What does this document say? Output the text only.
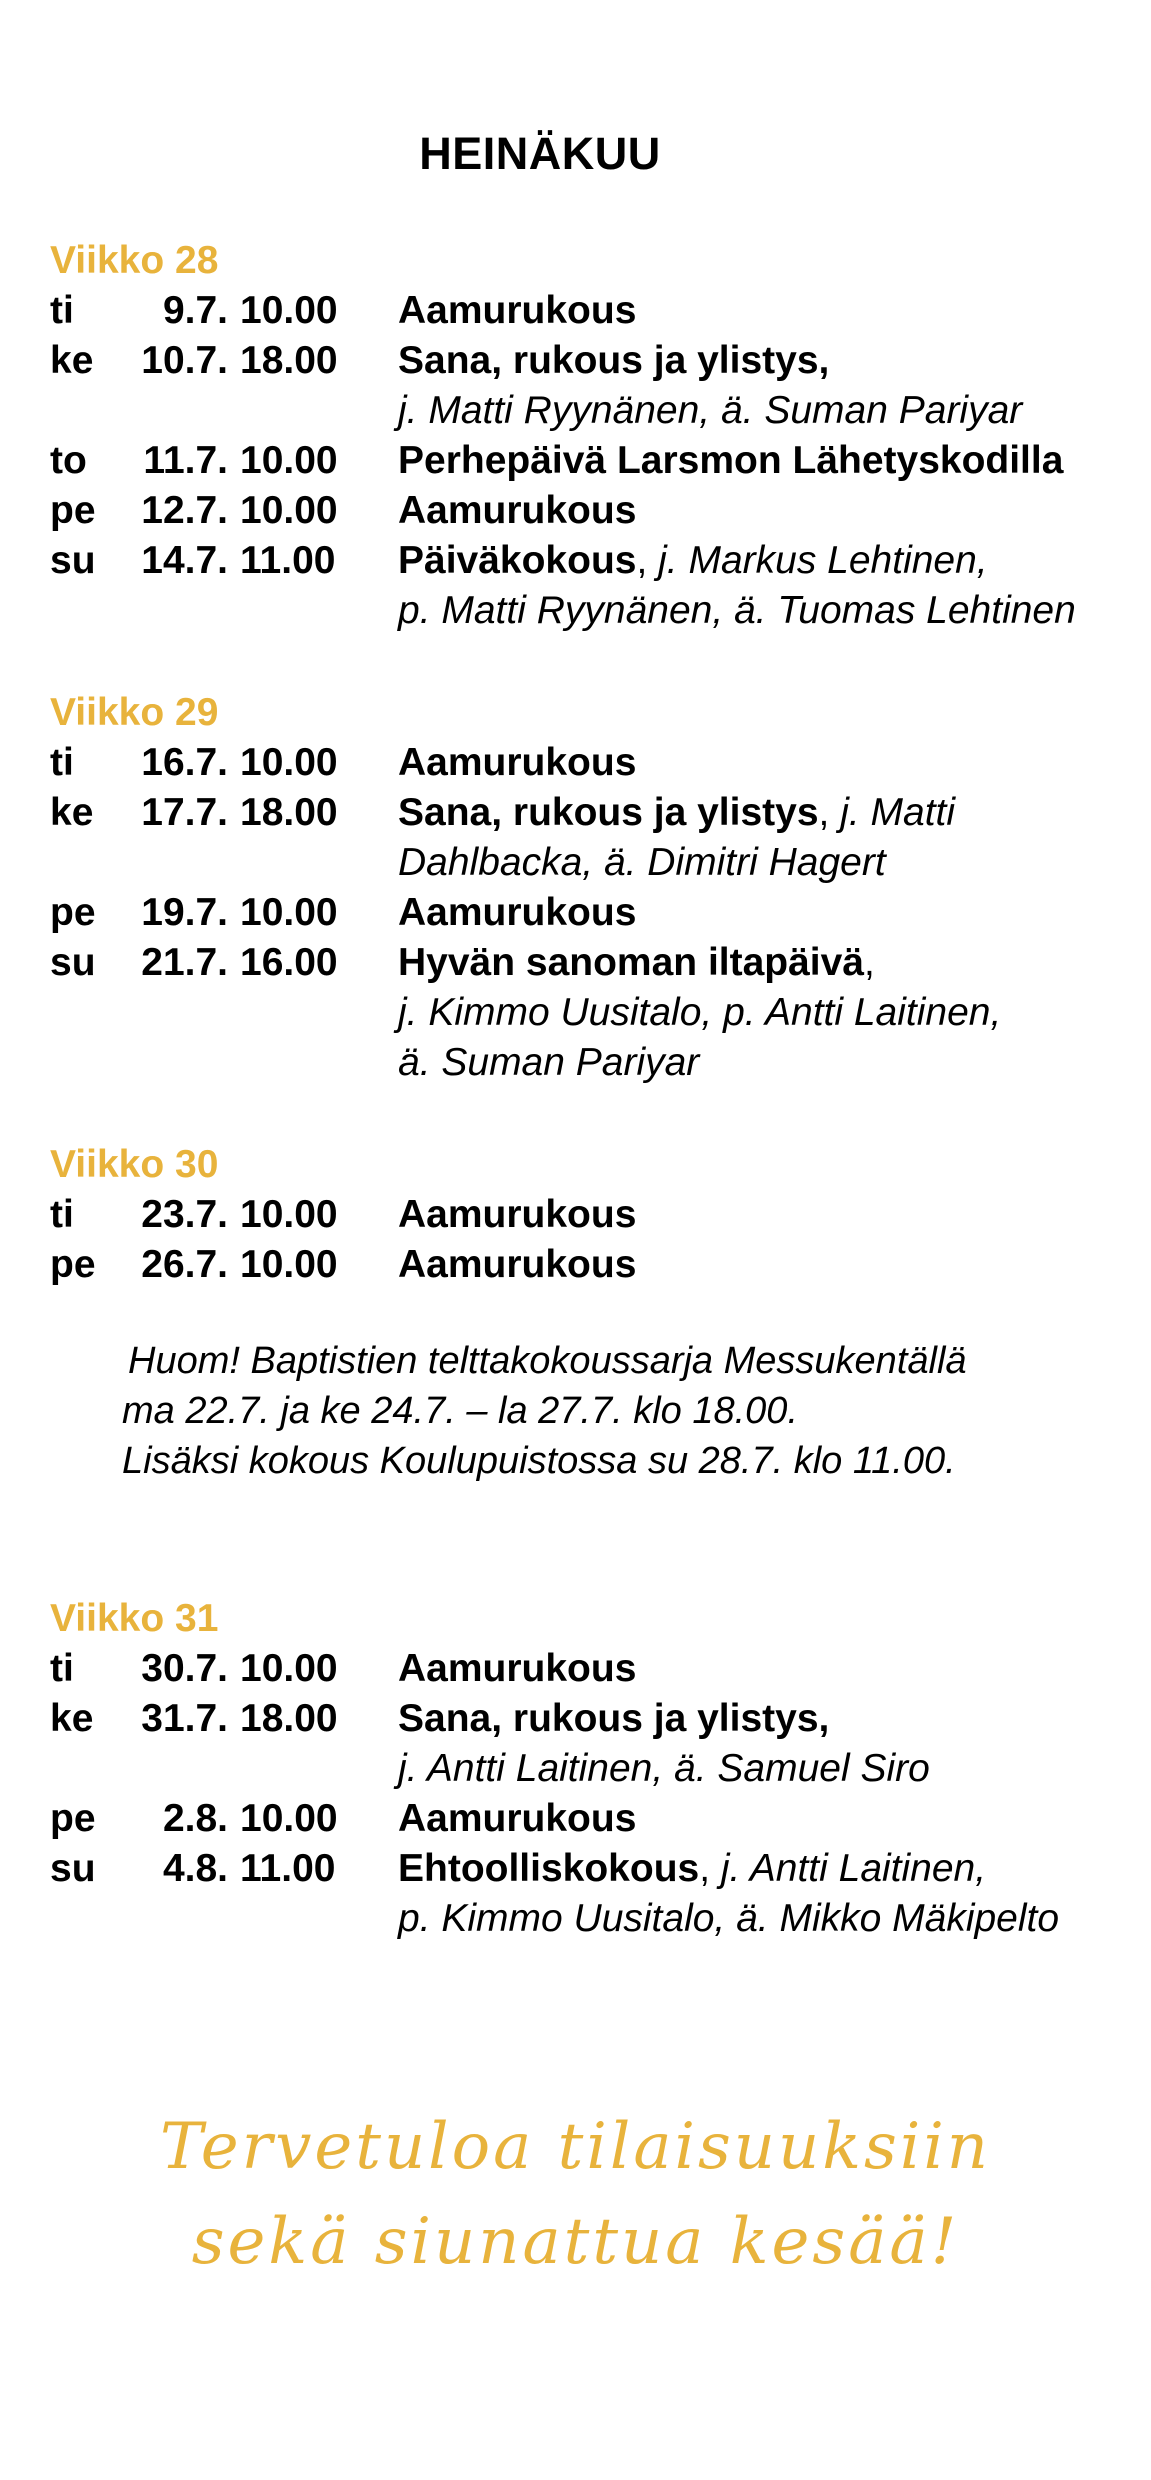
HEINÄKUU
Viikko 28
ti	9.7. 10.00	Aamurukous
ke	10.7. 18.00	Sana, rukous ja ylistys,
j. Matti Ryynänen, ä. Suman Pariyar
to	11.7. 10.00	Perhepäivä Larsmon Lähetyskodilla
pe	12.7. 10.00	Aamurukous
su	14.7. 11.00	Päiväkokous, j. Markus Lehtinen,
p. Matti Ryynänen, ä. Tuomas Lehtinen
Viikko 29
ti	16.7. 10.00	Aamurukous
ke	17.7. 18.00	Sana, rukous ja ylistys, j. Matti
Dahlbacka, ä. Dimitri Hagert
pe	19.7. 10.00	Aamurukous
su	21.7. 16.00	Hyvän sanoman iltapäivä,
j. Kimmo Uusitalo, p. Antti Laitinen,
ä. Suman Pariyar
Viikko 30
ti	23.7. 10.00	Aamurukous
pe	26.7. 10.00	Aamurukous
Huom! Baptistien telttakokoussarja Messukentällä
ma 22.7. ja ke 24.7. – la 27.7. klo 18.00.
Lisäksi kokous Koulupuistossa su 28.7. klo 11.00.
Viikko 31
ti	30.7. 10.00	Aamurukous
ke	31.7. 18.00	Sana, rukous ja ylistys,
j. Antti Laitinen, ä. Samuel Siro
pe	2.8. 10.00	Aamurukous
su	4.8. 11.00	Ehtoolliskokous, j. Antti Laitinen,
p. Kimmo Uusitalo, ä. Mikko Mäkipelto
Tervetuloa tilaisuuksiin
sekä siunattua kesää!
